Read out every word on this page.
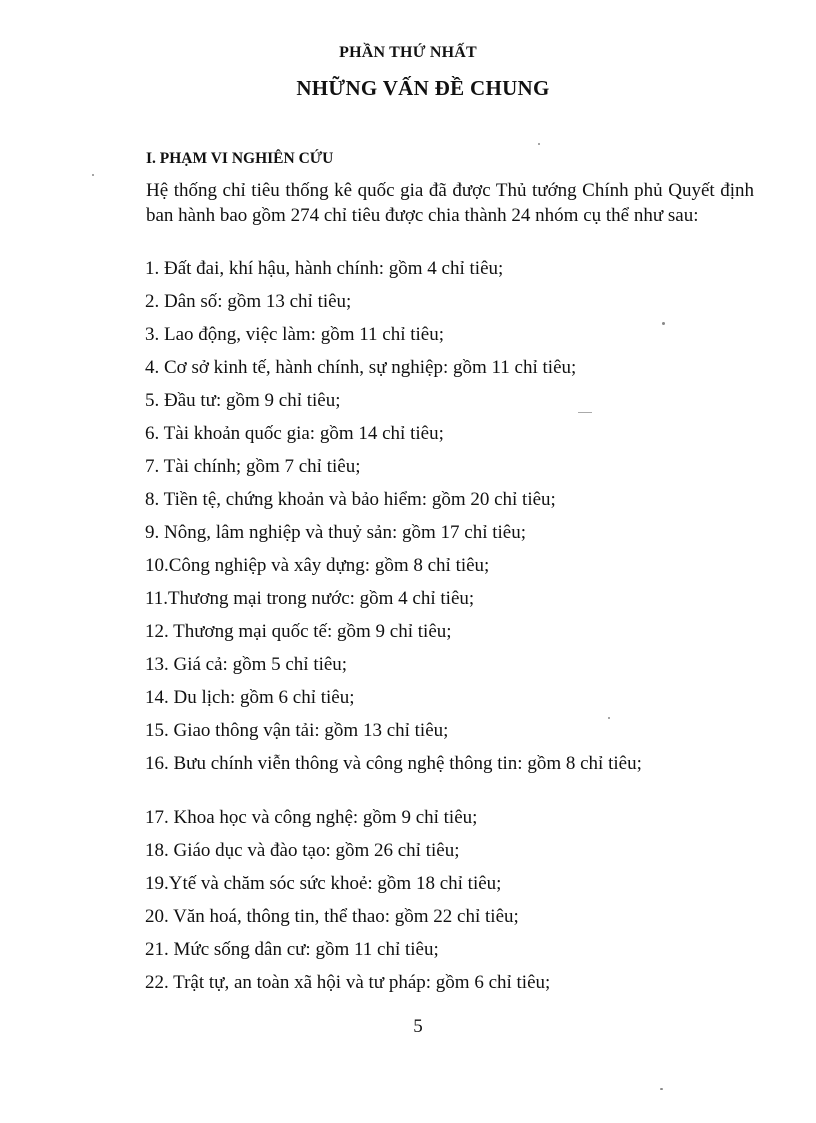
PHẦN THỨ NHẤT
NHỮNG VẤN ĐỀ CHUNG
I. PHẠM VI NGHIÊN CỨU

Hệ thống chỉ tiêu thống kê quốc gia đã được Thủ tướng Chính phủ Quyết định ban hành bao gồm 274 chỉ tiêu được chia thành 24 nhóm cụ thể như sau:

1. Đất đai, khí hậu, hành chính: gồm 4 chỉ tiêu;
2. Dân số: gồm 13 chỉ tiêu;
3. Lao động, việc làm: gồm 11 chỉ tiêu;
4. Cơ sở kinh tế, hành chính, sự nghiệp: gồm 11 chỉ tiêu;
5. Đầu tư: gồm 9 chỉ tiêu;
6. Tài khoản quốc gia: gồm 14 chỉ tiêu;
7. Tài chính; gồm 7 chỉ tiêu;
8. Tiền tệ, chứng khoản và bảo hiểm: gồm 20 chỉ tiêu;
9. Nông, lâm nghiệp và thuỷ sản: gồm 17 chỉ tiêu;
10.Công nghiệp và xây dựng: gồm 8 chỉ tiêu;
11.Thương mại trong nước: gồm 4 chỉ tiêu;
12. Thương mại quốc tế: gồm 9 chỉ tiêu;
13. Giá cả: gồm 5 chỉ tiêu;
14. Du lịch: gồm 6 chỉ tiêu;
15. Giao thông vận tải: gồm 13 chỉ tiêu;
16. Bưu chính viễn thông và công nghệ thông tin: gồm 8 chỉ tiêu;
17. Khoa học và công nghệ: gồm 9 chỉ tiêu;
18. Giáo dục và đào tạo: gồm 26 chỉ tiêu;
19.Ytế và chăm sóc sức khoẻ: gồm 18 chỉ tiêu;
20. Văn hoá, thông tin, thể thao: gồm 22 chỉ tiêu;
21. Mức sống dân cư: gồm 11 chỉ tiêu;
22. Trật tự, an toàn xã hội và tư pháp: gồm 6 chỉ tiêu;
5
